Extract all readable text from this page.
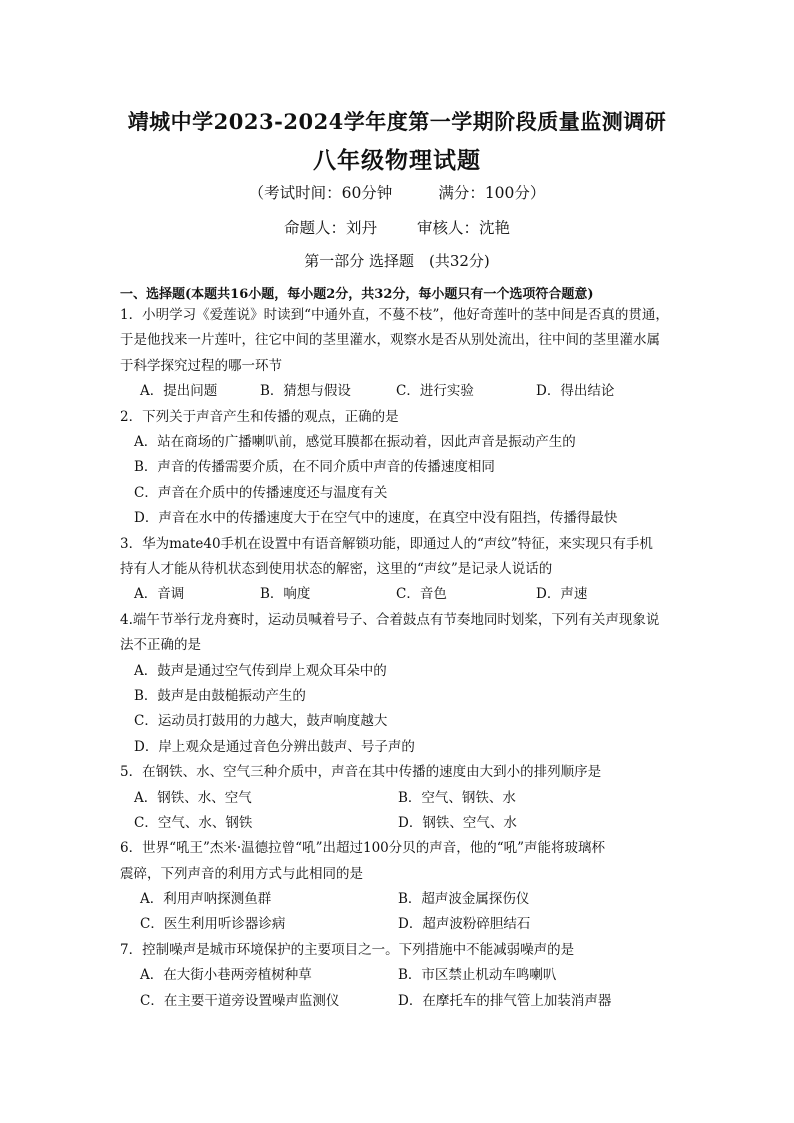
靖城中学2023-2024学年度第一学期阶段质量监测调研
八年级物理试题
（考试时间：60分钟	满分：100分）
命题人：刘丹	审核人：沈艳
第一部分 选择题　(共32分)
一、选择题(本题共16小题，每小题2分，共32分，每小题只有一个选项符合题意)
1．小明学习《爱莲说》时读到“中通外直，不蔓不枝”，他好奇莲叶的茎中间是否真的贯通，
于是他找来一片莲叶，往它中间的茎里灌水，观察水是否从别处流出，往中间的茎里灌水属
于科学探究过程的哪一环节
A．提出问题	B．猜想与假设	C．进行实验	D．得出结论
2．下列关于声音产生和传播的观点，正确的是
A．站在商场的广播喇叭前，感觉耳膜都在振动着，因此声音是振动产生的
B．声音的传播需要介质，在不同介质中声音的传播速度相同
C．声音在介质中的传播速度还与温度有关
D．声音在水中的传播速度大于在空气中的速度，在真空中没有阻挡，传播得最快
3．华为mate40手机在设置中有语音解锁功能，即通过人的“声纹”特征，来实现只有手机
持有人才能从待机状态到使用状态的解密，这里的“声纹”是记录人说话的
A．音调	B．响度	C．音色	D．声速
4.端午节举行龙舟赛时，运动员喊着号子、合着鼓点有节奏地同时划桨，下列有关声现象说
法不正确的是
A．鼓声是通过空气传到岸上观众耳朵中的
B．鼓声是由鼓槌振动产生的
C．运动员打鼓用的力越大，鼓声响度越大
D．岸上观众是通过音色分辨出鼓声、号子声的
5．在钢铁、水、空气三种介质中，声音在其中传播的速度由大到小的排列顺序是
A．钢铁、水、空气	B．空气、钢铁、水
C．空气、水、钢铁	D．钢铁、空气、水
6．世界“吼王”杰米·温德拉曾“吼”出超过100分贝的声音，他的“吼”声能将玻璃杯
震碎，下列声音的利用方式与此相同的是
A．利用声呐探测鱼群	B．超声波金属探伤仪
C．医生利用听诊器诊病	D．超声波粉碎胆结石
7．控制噪声是城市环境保护的主要项目之一。下列措施中不能减弱噪声的是
A．在大街小巷两旁植树种草	B．市区禁止机动车鸣喇叭
C．在主要干道旁设置噪声监测仪	D．在摩托车的排气管上加装消声器
